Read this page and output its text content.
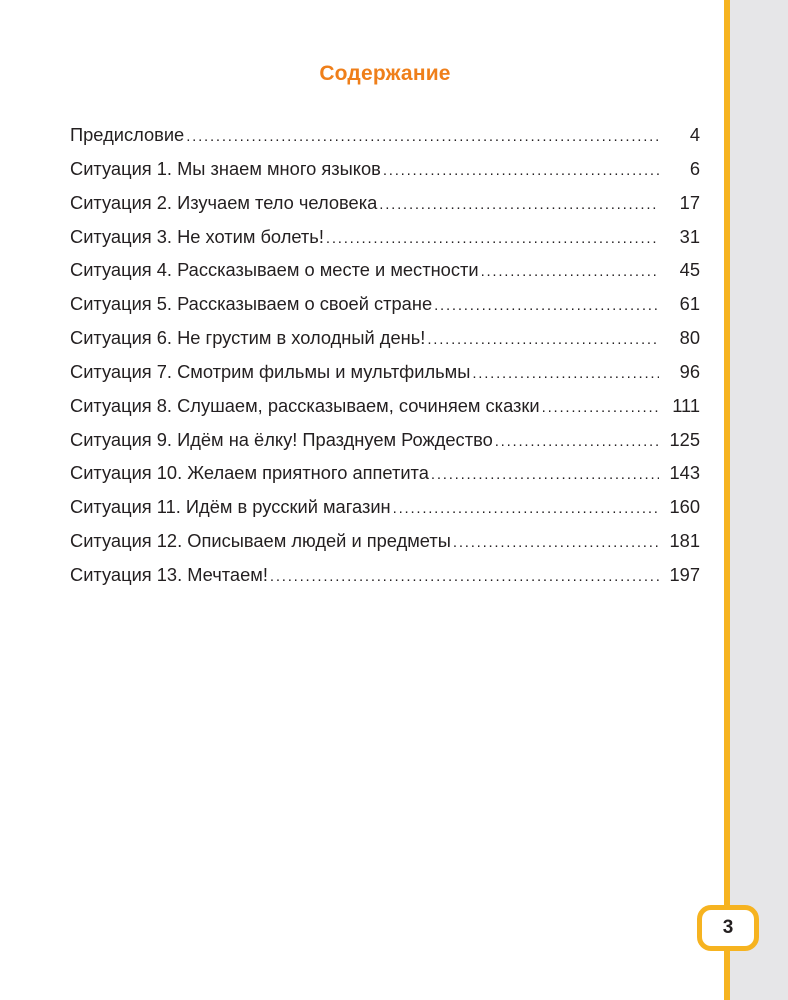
Содержание
Предисловие . . .	4
Ситуация 1. Мы знаем много языков . . .	6
Ситуация 2. Изучаем тело человека . . .	17
Ситуация 3. Не хотим болеть! . . .	31
Ситуация 4. Рассказываем о месте и местности . . .	45
Ситуация 5. Рассказываем о своей стране . . .	61
Ситуация 6. Не грустим в холодный день! . . .	80
Ситуация 7. Смотрим фильмы и мультфильмы . . .	96
Ситуация 8. Слушаем, рассказываем, сочиняем сказки . . .	111
Ситуация 9. Идём на ёлку! Празднуем Рождество . . .	125
Ситуация 10. Желаем приятного аппетита . . .	143
Ситуация 11. Идём в русский магазин . . .	160
Ситуация 12. Описываем людей и предметы . . .	181
Ситуация 13. Мечтаем! . . .	197
3
